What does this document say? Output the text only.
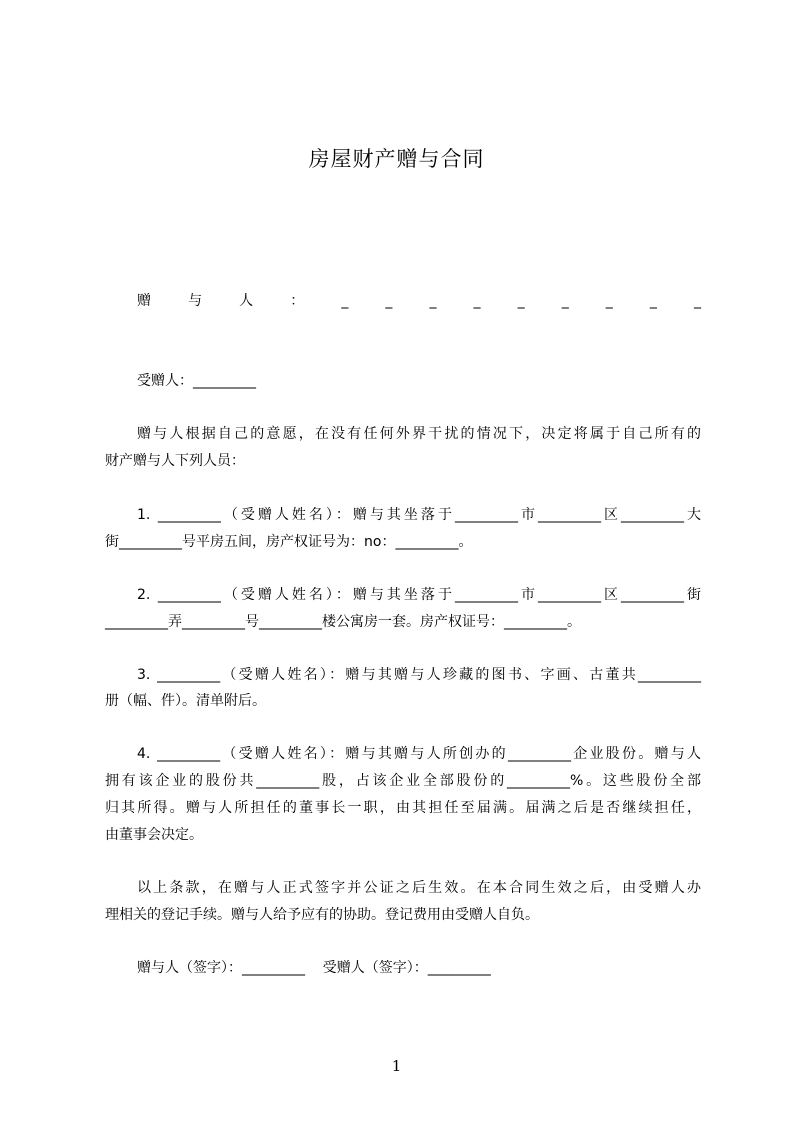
房屋财产赠与合同
赠	与	人	：	_	_	_	_	_	_	_	_	_
受赠人：_________
赠与人根据自己的意愿，在没有任何外界干扰的情况下，决定将属于自己所有的
财产赠与人下列人员：
1. _________（受赠人姓名）：赠与其坐落于_________市_________区_________大
街_________号平房五间，房产权证号为：no：_________。
2. _________（受赠人姓名）：赠与其坐落于_________市_________区_________街
_________弄_________号_________楼公寓房一套。房产权证号：_________。
3. _________（受赠人姓名）：赠与其赠与人珍藏的图书、字画、古董共_________
册（幅、件）。清单附后。
4. _________（受赠人姓名）：赠与其赠与人所创办的_________企业股份。赠与人
拥有该企业的股份共_________股，占该企业全部股份的_________%。这些股份全部
归其所得。赠与人所担任的董事长一职，由其担任至届满。届满之后是否继续担任，
由董事会决定。
以上条款，在赠与人正式签字并公证之后生效。在本合同生效之后，由受赠人办
理相关的登记手续。赠与人给予应有的协助。登记费用由受赠人自负。
赠与人（签字）：_________    受赠人（签字）：_________
1
